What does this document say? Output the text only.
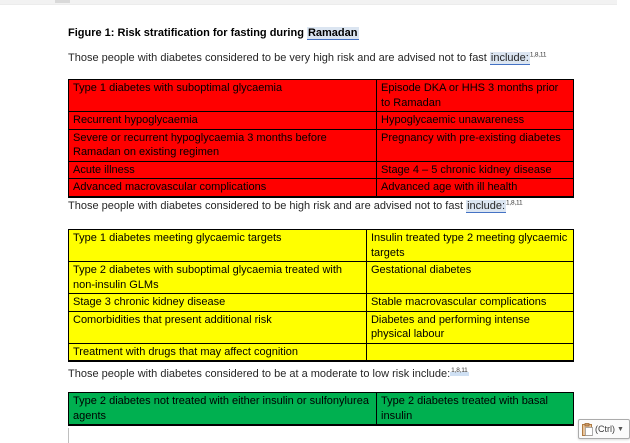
Figure 1: Risk stratification for fasting during Ramadan
Those people with diabetes considered to be very high risk and are advised not to fast include:$^{1,8,11}$
Type 1 diabetes with suboptimal glycaemia	Episode DKA or HHS 3 months prior to Ramadan
Recurrent hypoglycaemia	Hypoglycaemic unawareness
Severe or recurrent hypoglycaemia 3 months before Ramadan on existing regimen	Pregnancy with pre-existing diabetes
Acute illness	Stage 4 – 5 chronic kidney disease
Advanced macrovascular complications	Advanced age with ill health
Those people with diabetes considered to be high risk and are advised not to fast include:$^{1,8,11}$
Type 1 diabetes meeting glycaemic targets	Insulin treated type 2 meeting glycaemic targets
Type 2 diabetes with suboptimal glycaemia treated with non-insulin GLMs	Gestational diabetes
Stage 3 chronic kidney disease	Stable macrovascular complications
Comorbidities that present additional risk	Diabetes and performing intense physical labour
Treatment with drugs that may affect cognition	
Those people with diabetes considered to be at a moderate to low risk include:$^{1,8,11}$
Type 2 diabetes not treated with either insulin or sulfonylurea agents	Type 2 diabetes treated with basal insulin
(Ctrl) ▼
